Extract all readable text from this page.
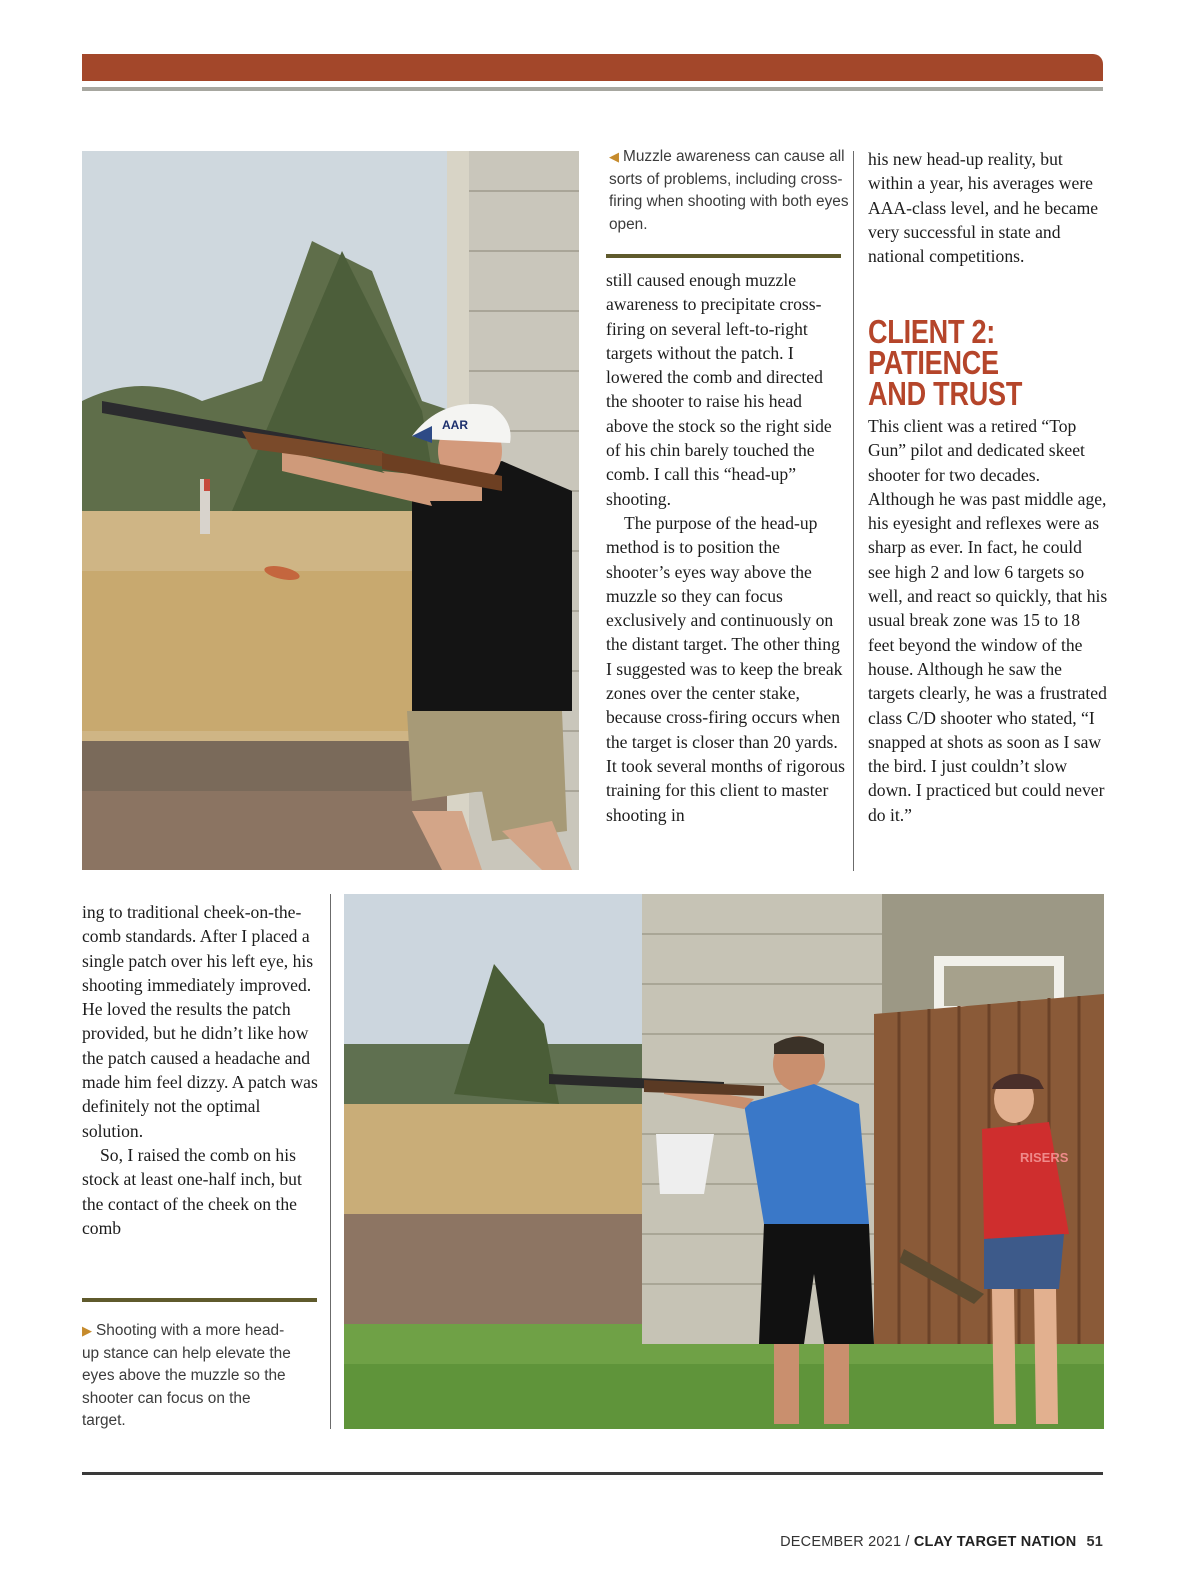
AAR
◀ Muzzle awareness can cause all sorts of problems, including cross-firing when shooting with both eyes open.

still caused enough muzzle awareness to precipitate cross-firing on several left-to-right targets without the patch. I lowered the comb and directed the shooter to raise his head above the stock so the right side of his chin barely touched the comb. I call this “head-up” shooting.

The purpose of the head-up method is to position the shooter’s eyes way above the muzzle so they can focus exclusively and continuously on the distant target. The other thing I suggested was to keep the break zones over the center stake, because cross-firing occurs when the target is closer than 20 yards. It took several months of rigorous training for this client to master shooting in

his new head-up reality, but within a year, his averages were AAA-class level, and he became very successful in state and national competitions.

CLIENT 2:
PATIENCE
AND TRUST

This client was a retired “Top Gun” pilot and dedicated skeet shooter for two decades. Although he was past middle age, his eyesight and reflexes were as sharp as ever. In fact, he could see high 2 and low 6 targets so well, and react so quickly, that his usual break zone was 15 to 18 feet beyond the window of the house. Although he saw the targets clearly, he was a frustrated class C/D shooter who stated, “I snapped at shots as soon as I saw the bird. I just couldn’t slow down. I practiced but could never do it.”

ing to traditional cheek-on-the-comb standards. After I placed a single patch over his left eye, his shooting immediately improved. He loved the results the patch provided, but he didn’t like how the patch caused a headache and made him feel dizzy. A patch was definitely not the optimal solution.

So, I raised the comb on his stock at least one-half inch, but the contact of the cheek on the comb

▶ Shooting with a more head-up stance can help elevate the eyes above the muzzle so the shooter can focus on the target.
RISERS
DECEMBER 2021 / CLAY TARGET NATION 51
